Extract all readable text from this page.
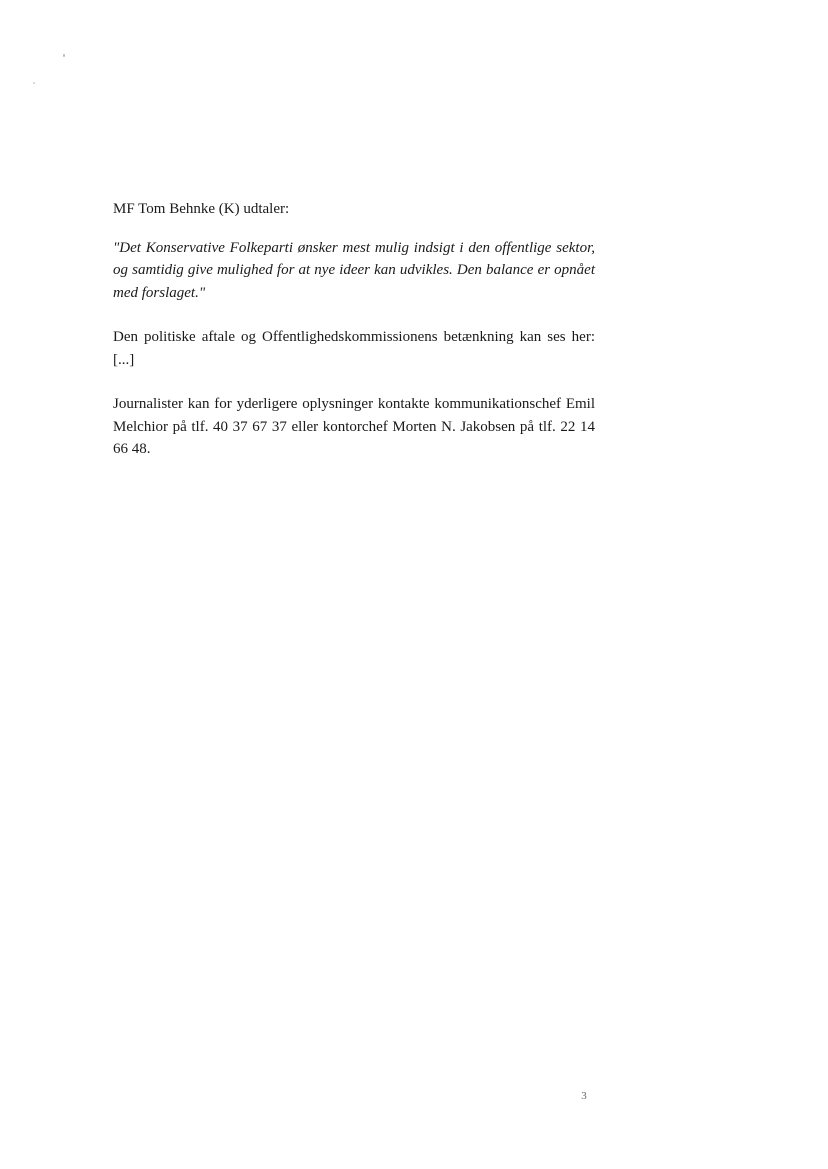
MF Tom Behnke (K) udtaler:

"Det Konservative Folkeparti ønsker mest mulig indsigt i den offentlige sektor, og samtidig give mulighed for at nye ideer kan udvikles. Den balance er opnået med forslaget."

Den politiske aftale og Offentlighedskommissionens betænkning kan ses her: [...]

Journalister kan for yderligere oplysninger kontakte kommunikationschef Emil Melchior på tlf. 40 37 67 37 eller kontorchef Morten N. Jakobsen på tlf. 22 14 66 48.

3
